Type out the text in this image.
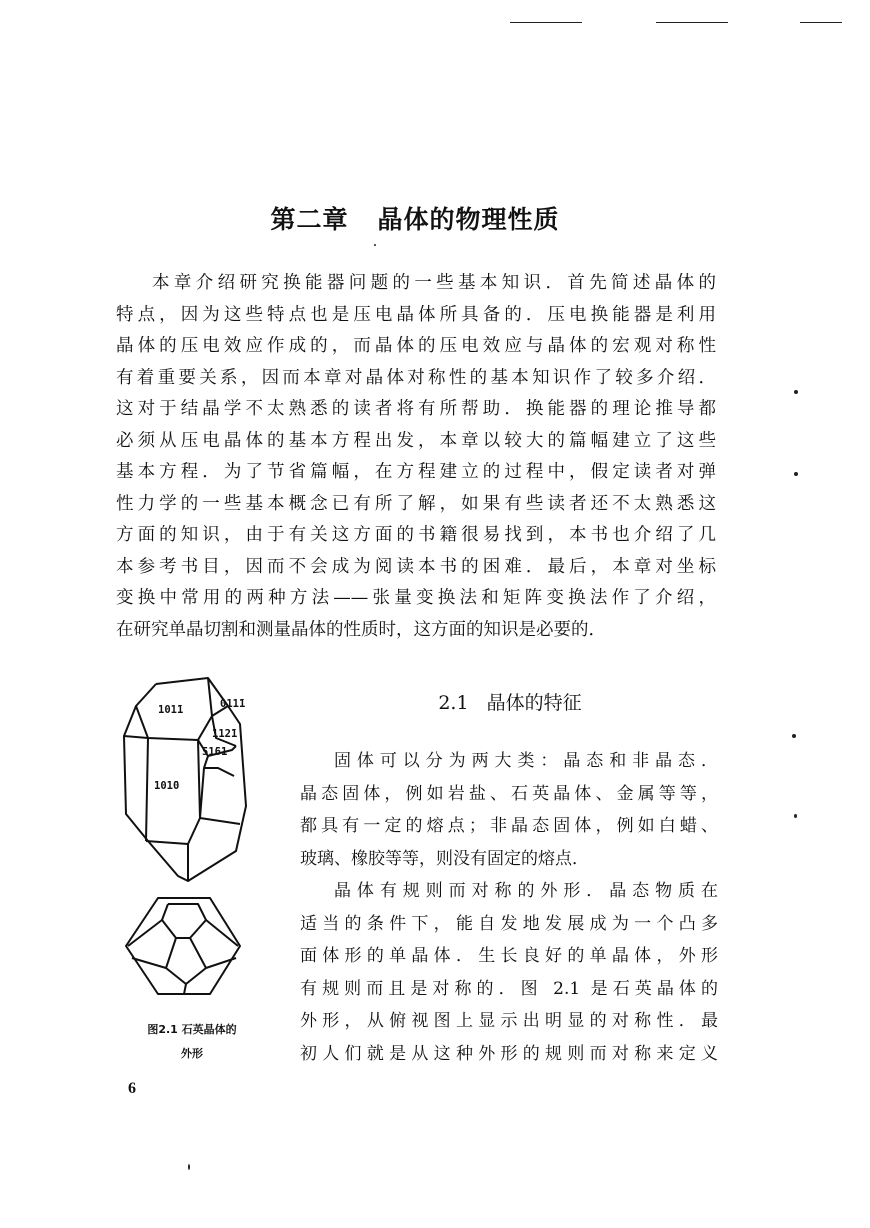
第二章   晶体的物理性质
本章介绍研究换能器问题的一些基本知识．首先简述晶体的
特点，因为这些特点也是压电晶体所具备的．压电换能器是利用
晶体的压电效应作成的，而晶体的压电效应与晶体的宏观对称性
有着重要关系，因而本章对晶体对称性的基本知识作了较多介绍．
这对于结晶学不太熟悉的读者将有所帮助．换能器的理论推导都
必须从压电晶体的基本方程出发，本章以较大的篇幅建立了这些
基本方程．为了节省篇幅，在方程建立的过程中，假定读者对弹
性力学的一些基本概念已有所了解，如果有些读者还不太熟悉这
方面的知识，由于有关这方面的书籍很易找到，本书也介绍了几
本参考书目，因而不会成为阅读本书的困难．最后，本章对坐标
变换中常用的两种方法——张量变换法和矩阵变换法作了介绍，
在研究单晶切割和测量晶体的性质时，这方面的知识是必要的．
2.1   晶体的特征
固体可以分为两大类：晶态和非晶态．
晶态固体，例如岩盐、石英晶体、金属等等，
都具有一定的熔点；非晶态固体，例如白蜡、
玻璃、橡胶等等，则没有固定的熔点．
晶体有规则而对称的外形．晶态物质在
适当的条件下，能自发地发展成为一个凸多
面体形的单晶体．生长良好的单晶体，外形
有规则而且是对称的．图 2.1 是石英晶体的
外形，从俯视图上显示出明显的对称性．最
初人们就是从这种外形的规则而对称来定义
101̄1	011̄1
112̄1
51̄61
101̄0
图2.1 石英晶体的
外形
6
